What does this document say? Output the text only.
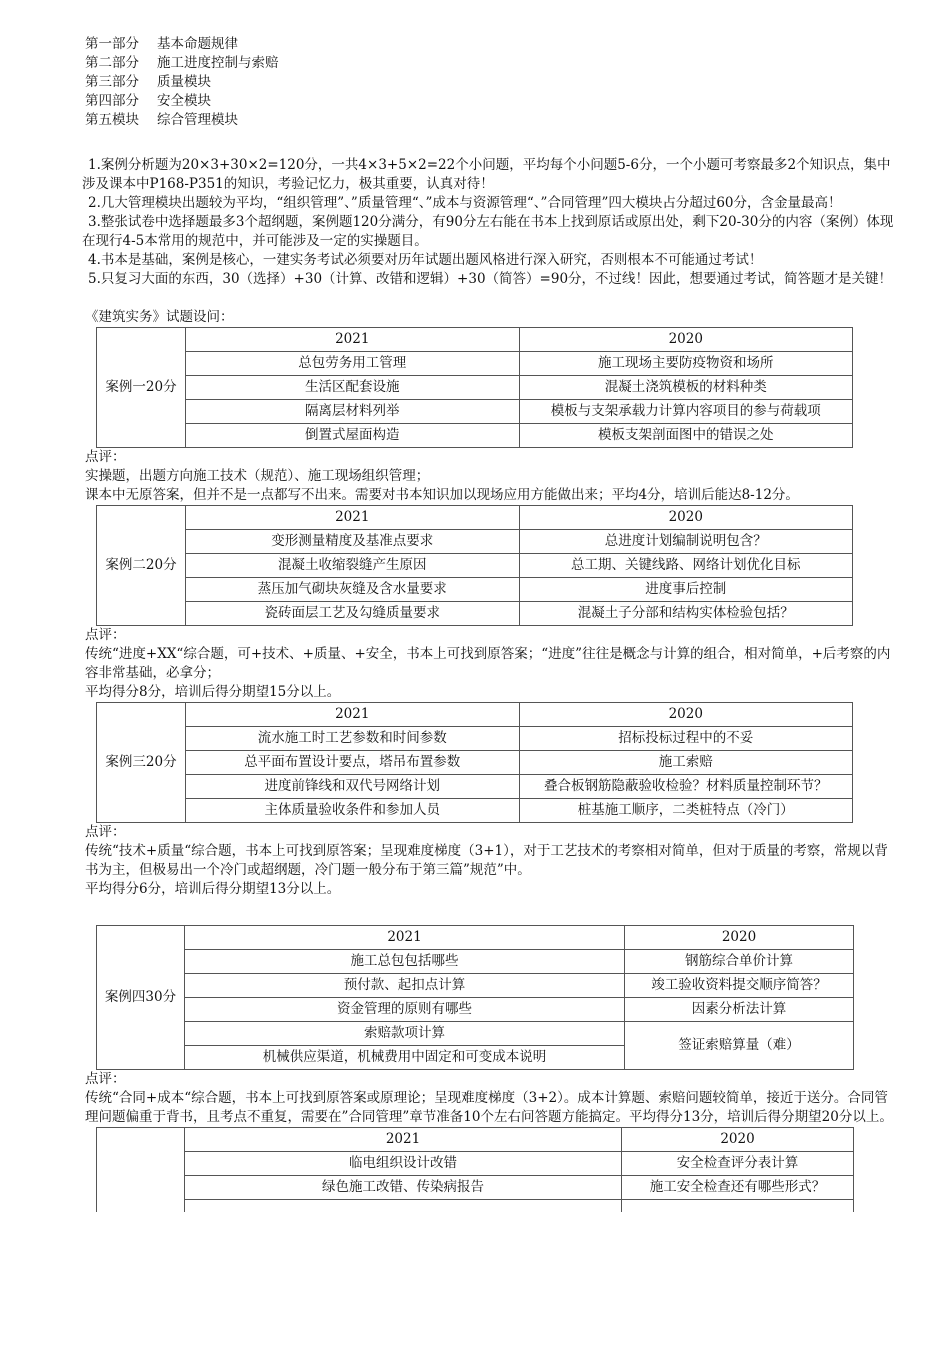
第一部分 基本命题规律
第二部分 施工进度控制与索赔
第三部分 质量模块
第四部分 安全模块
第五模块 综合管理模块

1.案例分析题为20×3+30×2=120分，一共4×3+5×2=22个小问题，平均每个小问题5-6分，一个小题可考察最多2个知识点，集中涉及课本中P168-P351的知识，考验记忆力，极其重要，认真对待！

2.几大管理模块出题较为平均，“组织管理”、”质量管理“、”成本与资源管理“、”合同管理”四大模块占分超过60分，含金量最高！

3.整张试卷中选择题最多3个超纲题，案例题120分满分，有90分左右能在书本上找到原话或原出处，剩下20-30分的内容（案例）体现在现行4-5本常用的规范中，并可能涉及一定的实操题目。

4.书本是基础，案例是核心，一建实务考试必须要对历年试题出题风格进行深入研究，否则根本不可能通过考试！

5.只复习大面的东西，30（选择）+30（计算、改错和逻辑）+30（简答）=90分，不过线！因此，想要通过考试，简答题才是关键！

《建筑实务》试题设问：

案例一20分	2021	2020
	总包劳务用工管理	施工现场主要防疫物资和场所
	生活区配套设施	混凝土浇筑模板的材料种类
	隔离层材料列举	模板与支架承载力计算内容项目的参与荷载项
	倒置式屋面构造	模板支架剖面图中的错误之处

点评：

实操题，出题方向施工技术（规范）、施工现场组织管理；

课本中无原答案，但并不是一点都写不出来。需要对书本知识加以现场应用方能做出来；平均4分，培训后能达8-12分。

案例二20分	2021	2020
	变形测量精度及基准点要求	总进度计划编制说明包含？
	混凝土收缩裂缝产生原因	总工期、关键线路、网络计划优化目标
	蒸压加气砌块灰缝及含水量要求	进度事后控制
	瓷砖面层工艺及勾缝质量要求	混凝土子分部和结构实体检验包括？

点评：

传统“进度+XX“综合题，可+技术、+质量、+安全，书本上可找到原答案；“进度”往往是概念与计算的组合，相对简单，+后考察的内容非常基础，必拿分；

平均得分8分，培训后得分期望15分以上。

案例三20分	2021	2020
	流水施工时工艺参数和时间参数	招标投标过程中的不妥
	总平面布置设计要点，塔吊布置参数	施工索赔
	进度前锋线和双代号网络计划	叠合板钢筋隐蔽验收检验？材料质量控制环节？
	主体质量验收条件和参加人员	桩基施工顺序，二类桩特点（冷门）

点评：

传统“技术+质量“综合题，书本上可找到原答案；呈现难度梯度（3+1），对于工艺技术的考察相对简单，但对于质量的考察，常规以背书为主，但极易出一个冷门或超纲题，冷门题一般分布于第三篇”规范”中。

平均得分6分，培训后得分期望13分以上。

案例四30分	2021	2020
	施工总包包括哪些	钢筋综合单价计算
	预付款、起扣点计算	竣工验收资料提交顺序简答？
	资金管理的原则有哪些	因素分析法计算
	索赔款项计算	签证索赔算量（难）
	机械供应渠道，机械费用中固定和可变成本说明	

点评：

传统“合同+成本“综合题，书本上可找到原答案或原理论；呈现难度梯度（3+2）。成本计算题、索赔问题较简单，接近于送分。合同管理问题偏重于背书，且考点不重复，需要在”合同管理”章节准备10个左右问答题方能搞定。平均得分13分，培训后得分期望20分以上。

	2021	2020
	临电组织设计改错	安全检查评分表计算
	绿色施工改错、传染病报告	施工安全检查还有哪些形式？
